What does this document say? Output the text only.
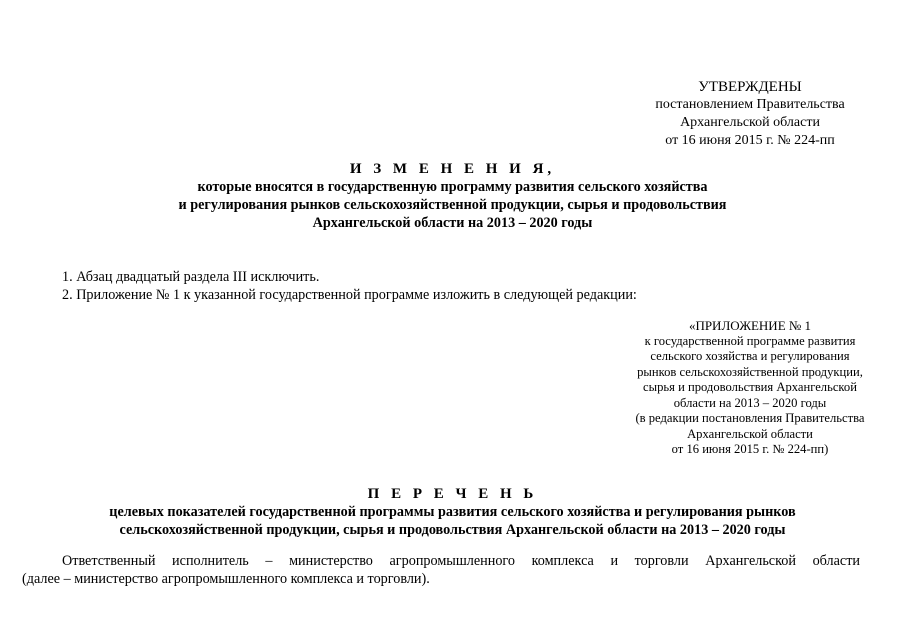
УТВЕРЖДЕНЫ
постановлением Правительства
Архангельской области
от 16 июня 2015 г. № 224-пп
И З М Е Н Е Н И Я,
которые вносятся в государственную программу развития сельского хозяйства
и регулирования рынков сельскохозяйственной продукции, сырья и продовольствия
Архангельской области на 2013 – 2020 годы
1. Абзац двадцатый раздела III исключить.
2. Приложение № 1 к указанной государственной программе изложить в следующей редакции:
«ПРИЛОЖЕНИЕ № 1
к государственной программе развития
сельского хозяйства и регулирования
рынков сельскохозяйственной продукции,
сырья и продовольствия Архангельской
области на 2013 – 2020 годы
(в редакции постановления Правительства
Архангельской области
от 16 июня 2015 г. № 224-пп)
П Е Р Е Ч Е Н Ь
целевых показателей государственной программы развития сельского хозяйства и регулирования рынков
сельскохозяйственной продукции, сырья и продовольствия Архангельской области на 2013 – 2020 годы
Ответственный исполнитель – министерство агропромышленного комплекса и торговли Архангельской области
(далее – министерство агропромышленного комплекса и торговли).
